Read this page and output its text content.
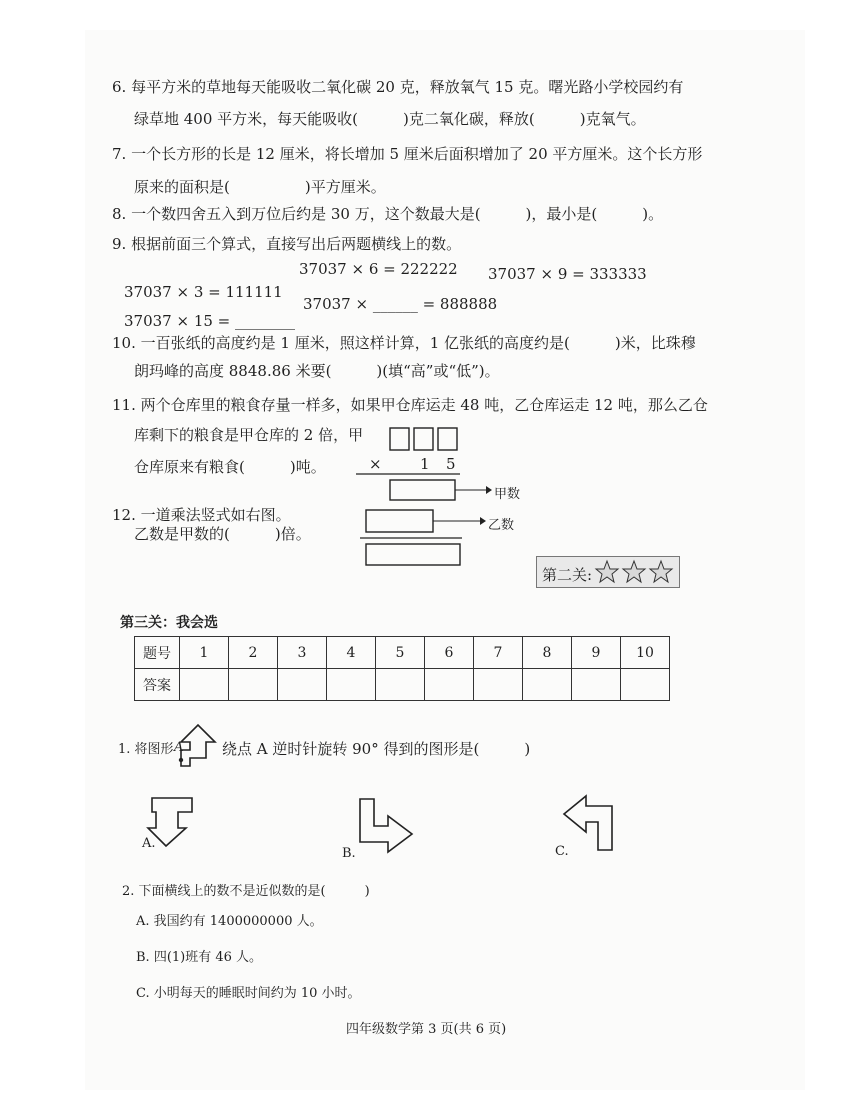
6. 每平方米的草地每天能吸收二氧化碳 20 克，释放氧气 15 克。曙光路小学校园约有
绿草地 400 平方米，每天能吸收(　　　)克二氧化碳，释放(　　　)克氧气。
7. 一个长方形的长是 12 厘米，将长增加 5 厘米后面积增加了 20 平方厘米。这个长方形
原来的面积是(　　　　　)平方厘米。
8. 一个数四舍五入到万位后约是 30 万，这个数最大是(　　　)，最小是(　　　)。
9. 根据前面三个算式，直接写出后两题横线上的数。
37037 × 3 = 111111
37037 × 6 = 222222 37037 × 9 = 333333
37037 × 15 = ________
37037 × ______ = 888888
10. 一百张纸的高度约是 1 厘米，照这样计算，1 亿张纸的高度约是(　　　)米，比珠穆
朗玛峰的高度 8848.86 米要(　　　)(填“高”或“低”)。
11. 两个仓库里的粮食存量一样多，如果甲仓库运走 48 吨，乙仓库运走 12 吨，那么乙仓
库剩下的粮食是甲仓库的 2 倍，甲
仓库原来有粮食(　　　)吨。
12. 一道乘法竖式如右图。
乙数是甲数的(　　　)倍。
×	1 5
甲数
乙数
第二关:
第三关：我会选
题号	1	2	3	4	5	6	7	8	9	10
答案										
1. 将图形 A	绕点 A 逆时针旋转 90° 得到的图形是(　　　)
A.
B.	C.
2. 下面横线上的数不是近似数的是(　　　)
A. 我国约有 1400000000 人。
B. 四(1)班有 46 人。
C. 小明每天的睡眠时间约为 10 小时。
四年级数学第 3 页(共 6 页)
